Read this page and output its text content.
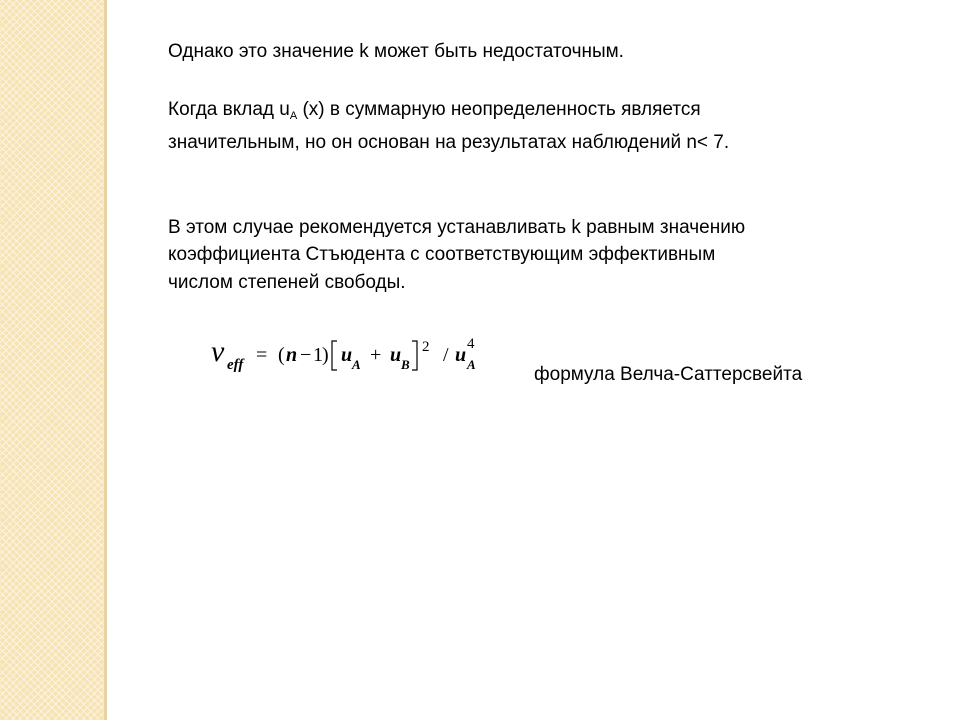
Однако это значение k может быть недостаточным.

Когда вклад $u_A$ (x) в суммарную неопределенность является

значительным, но он основан на результатах наблюдений n< 7.

В этом случае рекомендуется устанавливать k равным значению

коэффициента Стъюдента с соответствующим эффективным

числом степеней свободы.

ν eff = ( n − 1 ) u A + u B
2 / u 4
A	формула Велча-Саттерсвейта
